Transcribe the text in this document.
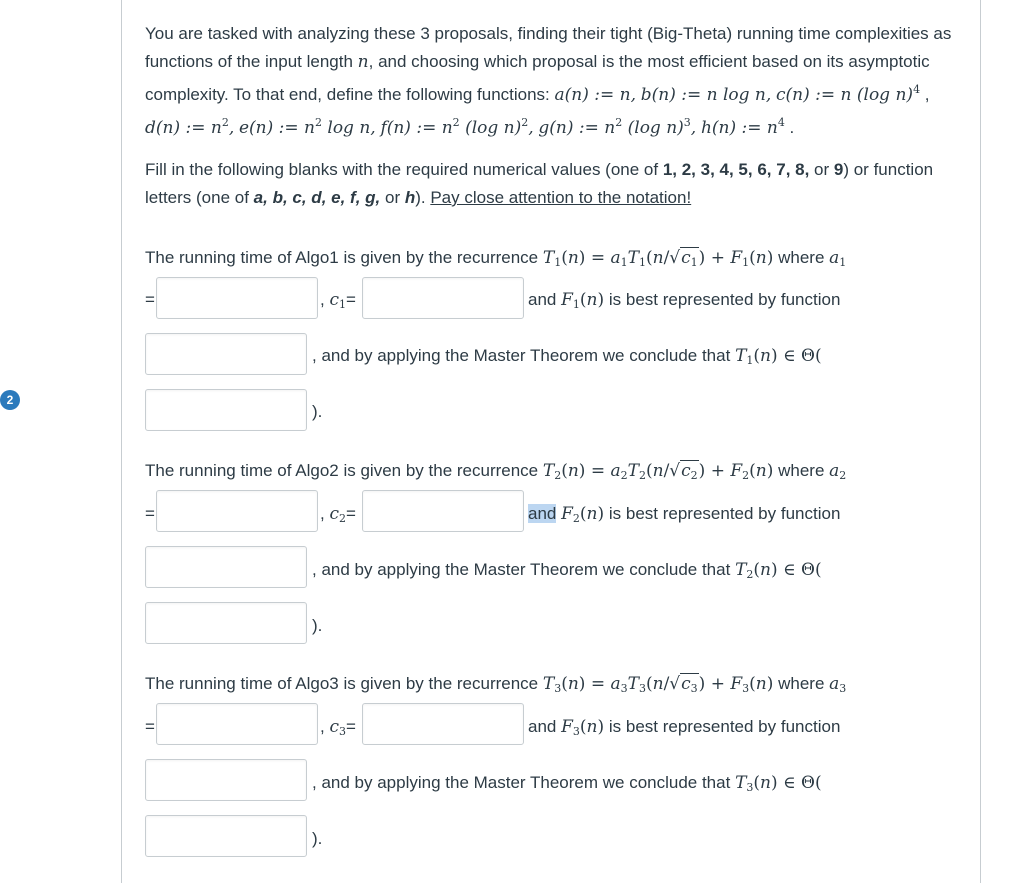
2

You are tasked with analyzing these 3 proposals, finding their tight (Big-Theta) running time complexities as functions of the input length n, and choosing which proposal is the most efficient based on its asymptotic complexity. To that end, define the following functions: a(n) := n, b(n) := n log n, c(n) := n (log n)$^4$ , d(n) := $n^2$, e(n) := $n^2$ log n, f(n) := $n^2$ (log n)$^2$, g(n) := $n^2$ (log n)$^3$, h(n) := $n^4$ .

Fill in the following blanks with the required numerical values (one of 1, 2, 3, 4, 5, 6, 7, 8, or 9) or function letters (one of a, b, c, d, e, f, g, or h). Pay close attention to the notation!

The running time of Algo1 is given by the recurrence $T_1(n) = a_1T_1(n/√c_1) + F_1(n)$ where $a_1$
=	, $c_1=$	and $F_1(n)$ is best represented by function
, and by applying the Master Theorem we conclude that $T_1(n)$ ∈ Θ(
).
The running time of Algo2 is given by the recurrence $T_2(n) = a_2T_2(n/√c_2) + F_2(n)$ where $a_2$
=	, $c_2=$	and $F_2(n)$ is best represented by function
, and by applying the Master Theorem we conclude that $T_2(n)$ ∈ Θ(
).
The running time of Algo3 is given by the recurrence $T_3(n) = a_3T_3(n/√c_3) + F_3(n)$ where $a_3$
=	, $c_3=$	and $F_3(n)$ is best represented by function
, and by applying the Master Theorem we conclude that $T_3(n)$ ∈ Θ(
).
